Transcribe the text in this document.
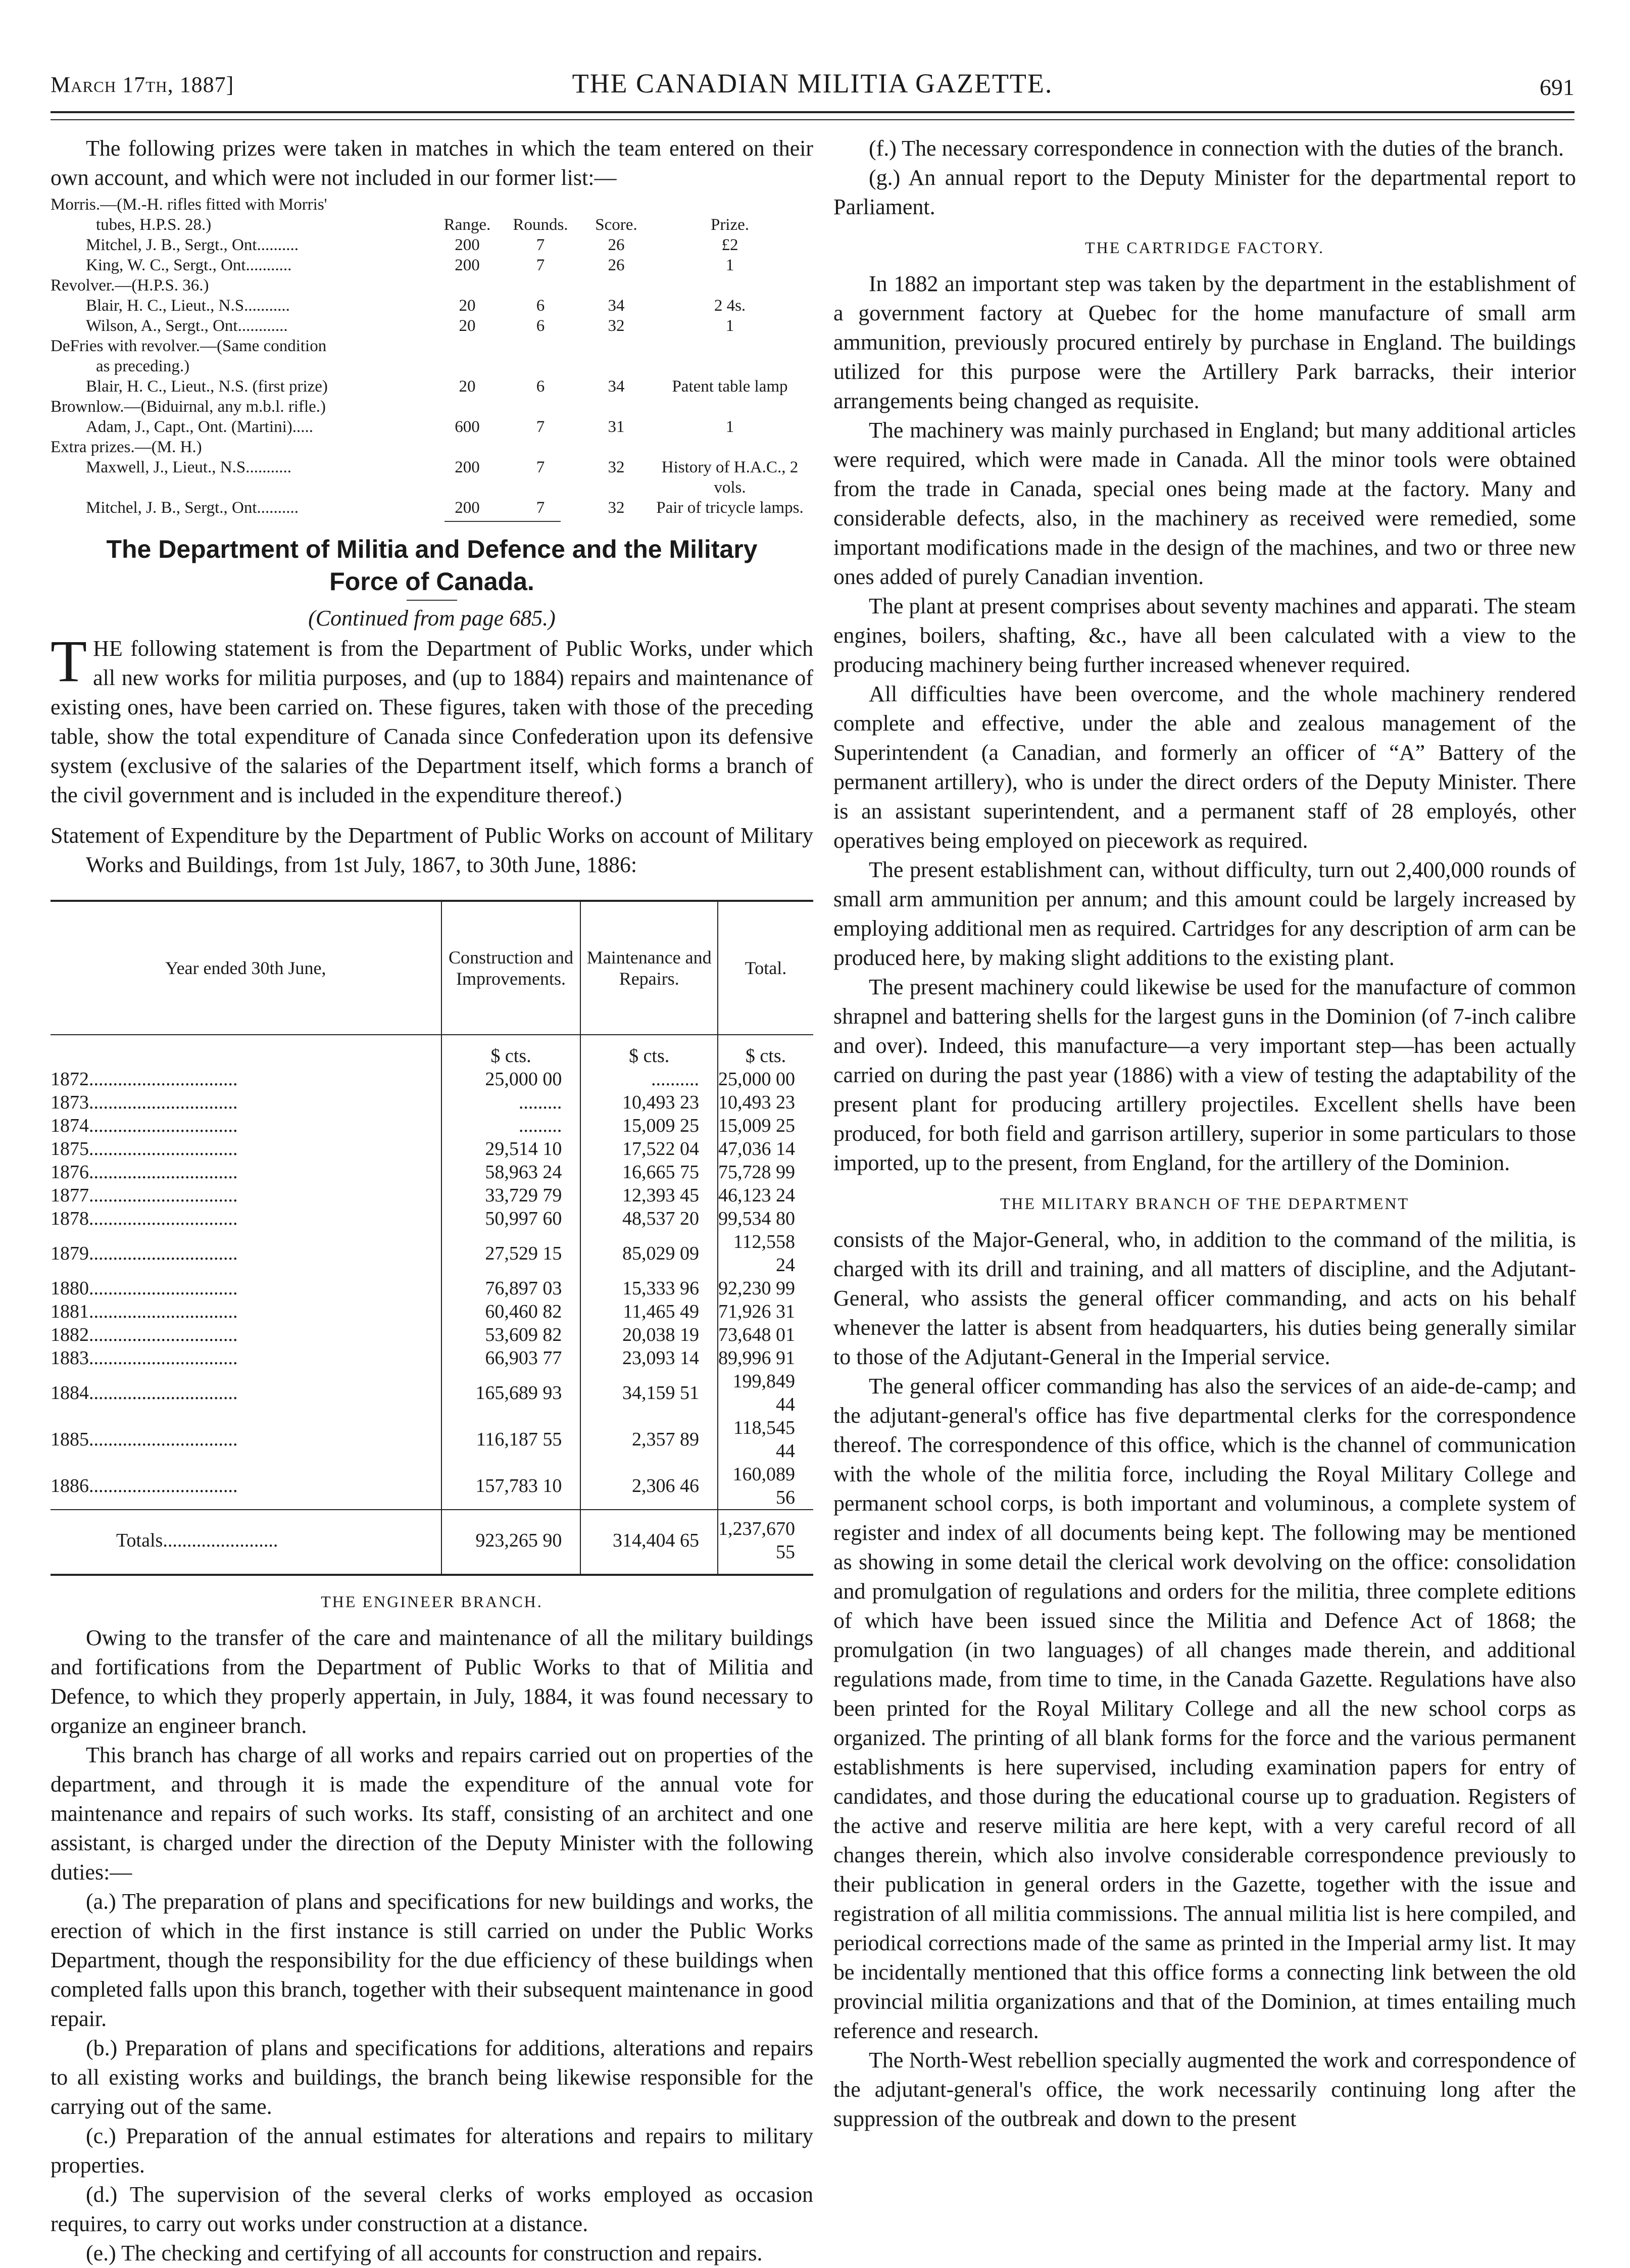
March 17th, 1887]	THE CANADIAN MILITIA GAZETTE.	691

The following prizes were taken in matches in which the team entered on their own account, and which were not included in our former list:—

Morris.—(M.-H. rifles fitted with Morris'				
tubes, H.P.S. 28.)	Range.	Rounds.	Score.	Prize.
Mitchel, J. B., Sergt., Ont..........	200	7	26	£2
King, W. C., Sergt., Ont...........	200	7	26	1
Revolver.—(H.P.S. 36.)				
Blair, H. C., Lieut., N.S...........	20	6	34	2 4s.
Wilson, A., Sergt., Ont............	20	6	32	1
DeFries with revolver.—(Same condition				
as preceding.)				
Blair, H. C., Lieut., N.S. (first prize)	20	6	34	Patent table lamp
Brownlow.—(Biduirnal, any m.b.l. rifle.)				
Adam, J., Capt., Ont. (Martini).....	600	7	31	1
Extra prizes.—(M. H.)				
Maxwell, J., Lieut., N.S...........	200	7	32	History of H.A.C., 2 vols.
Mitchel, J. B., Sergt., Ont..........	200	7	32	Pair of tricycle lamps.
The Department of Militia and Defence and the Military
Force of Canada.
(Continued from page 685.)

THE following statement is from the Department of Public Works, under which all new works for militia purposes, and (up to 1884) repairs and maintenance of existing ones, have been carried on. These figures, taken with those of the preceding table, show the total expenditure of Canada since Confederation upon its defensive system (exclusive of the salaries of the Department itself, which forms a branch of the civil government and is included in the expenditure thereof.)

Statement of Expenditure by the Department of Public Works on account of Military Works and Buildings, from 1st July, 1867, to 30th June, 1886:

Year ended 30th June,	Construction and Improvements.	Maintenance and Repairs.	Total.
	$ cts.	$ cts.	$ cts.
1872...............................	25,000 00	..........	25,000 00
1873...............................	.........	10,493 23	10,493 23
1874...............................	.........	15,009 25	15,009 25
1875...............................	29,514 10	17,522 04	47,036 14
1876...............................	58,963 24	16,665 75	75,728 99
1877...............................	33,729 79	12,393 45	46,123 24
1878...............................	50,997 60	48,537 20	99,534 80
1879...............................	27,529 15	85,029 09	112,558 24
1880...............................	76,897 03	15,333 96	92,230 99
1881...............................	60,460 82	11,465 49	71,926 31
1882...............................	53,609 82	20,038 19	73,648 01
1883...............................	66,903 77	23,093 14	89,996 91
1884...............................	165,689 93	34,159 51	199,849 44
1885...............................	116,187 55	2,357 89	118,545 44
1886...............................	157,783 10	2,306 46	160,089 56
Totals........................	923,265 90	314,404 65	1,237,670 55
THE ENGINEER BRANCH.

Owing to the transfer of the care and maintenance of all the military buildings and fortifications from the Department of Public Works to that of Militia and Defence, to which they properly appertain, in July, 1884, it was found necessary to organize an engineer branch.

This branch has charge of all works and repairs carried out on properties of the department, and through it is made the expenditure of the annual vote for maintenance and repairs of such works. Its staff, consisting of an architect and one assistant, is charged under the direction of the Deputy Minister with the following duties:—

(a.) The preparation of plans and specifications for new buildings and works, the erection of which in the first instance is still carried on under the Public Works Department, though the responsibility for the due efficiency of these buildings when completed falls upon this branch, together with their subsequent maintenance in good repair.

(b.) Preparation of plans and specifications for additions, alterations and repairs to all existing works and buildings, the branch being likewise responsible for the carrying out of the same.

(c.) Preparation of the annual estimates for alterations and repairs to military properties.

(d.) The supervision of the several clerks of works employed as occasion requires, to carry out works under construction at a distance.

(e.) The checking and certifying of all accounts for construction and repairs.

(f.) The necessary correspondence in connection with the duties of the branch.

(g.) An annual report to the Deputy Minister for the departmental report to Parliament.

THE CARTRIDGE FACTORY.

In 1882 an important step was taken by the department in the establishment of a government factory at Quebec for the home manufacture of small arm ammunition, previously procured entirely by purchase in England. The buildings utilized for this purpose were the Artillery Park barracks, their interior arrangements being changed as requisite.

The machinery was mainly purchased in England; but many additional articles were required, which were made in Canada. All the minor tools were obtained from the trade in Canada, special ones being made at the factory. Many and considerable defects, also, in the machinery as received were remedied, some important modifications made in the design of the machines, and two or three new ones added of purely Canadian invention.

The plant at present comprises about seventy machines and apparati. The steam engines, boilers, shafting, &c., have all been calculated with a view to the producing machinery being further increased whenever required.

All difficulties have been overcome, and the whole machinery rendered complete and effective, under the able and zealous management of the Superintendent (a Canadian, and formerly an officer of “A” Battery of the permanent artillery), who is under the direct orders of the Deputy Minister. There is an assistant superintendent, and a permanent staff of 28 employés, other operatives being employed on piecework as required.

The present establishment can, without difficulty, turn out 2,400,000 rounds of small arm ammunition per annum; and this amount could be largely increased by employing additional men as required. Cartridges for any description of arm can be produced here, by making slight additions to the existing plant.

The present machinery could likewise be used for the manufacture of common shrapnel and battering shells for the largest guns in the Dominion (of 7-inch calibre and over). Indeed, this manufacture—a very important step—has been actually carried on during the past year (1886) with a view of testing the adaptability of the present plant for producing artillery projectiles. Excellent shells have been produced, for both field and garrison artillery, superior in some particulars to those imported, up to the present, from England, for the artillery of the Dominion.

THE MILITARY BRANCH OF THE DEPARTMENT

consists of the Major-General, who, in addition to the command of the militia, is charged with its drill and training, and all matters of discipline, and the Adjutant-General, who assists the general officer commanding, and acts on his behalf whenever the latter is absent from headquarters, his duties being generally similar to those of the Adjutant-General in the Imperial service.

The general officer commanding has also the services of an aide-de-camp; and the adjutant-general's office has five departmental clerks for the correspondence thereof. The correspondence of this office, which is the channel of communication with the whole of the militia force, including the Royal Military College and permanent school corps, is both important and voluminous, a complete system of register and index of all documents being kept. The following may be mentioned as showing in some detail the clerical work devolving on the office: consolidation and promulgation of regulations and orders for the militia, three complete editions of which have been issued since the Militia and Defence Act of 1868; the promulgation (in two languages) of all changes made therein, and additional regulations made, from time to time, in the Canada Gazette. Regulations have also been printed for the Royal Military College and all the new school corps as organized. The printing of all blank forms for the force and the various permanent establishments is here supervised, including examination papers for entry of candidates, and those during the educational course up to graduation. Registers of the active and reserve militia are here kept, with a very careful record of all changes therein, which also involve considerable correspondence previously to their publication in general orders in the Gazette, together with the issue and registration of all militia commissions. The annual militia list is here compiled, and periodical corrections made of the same as printed in the Imperial army list. It may be incidentally mentioned that this office forms a connecting link between the old provincial militia organizations and that of the Dominion, at times entailing much reference and research.

The North-West rebellion specially augmented the work and correspondence of the adjutant-general's office, the work necessarily continuing long after the suppression of the outbreak and down to the present
